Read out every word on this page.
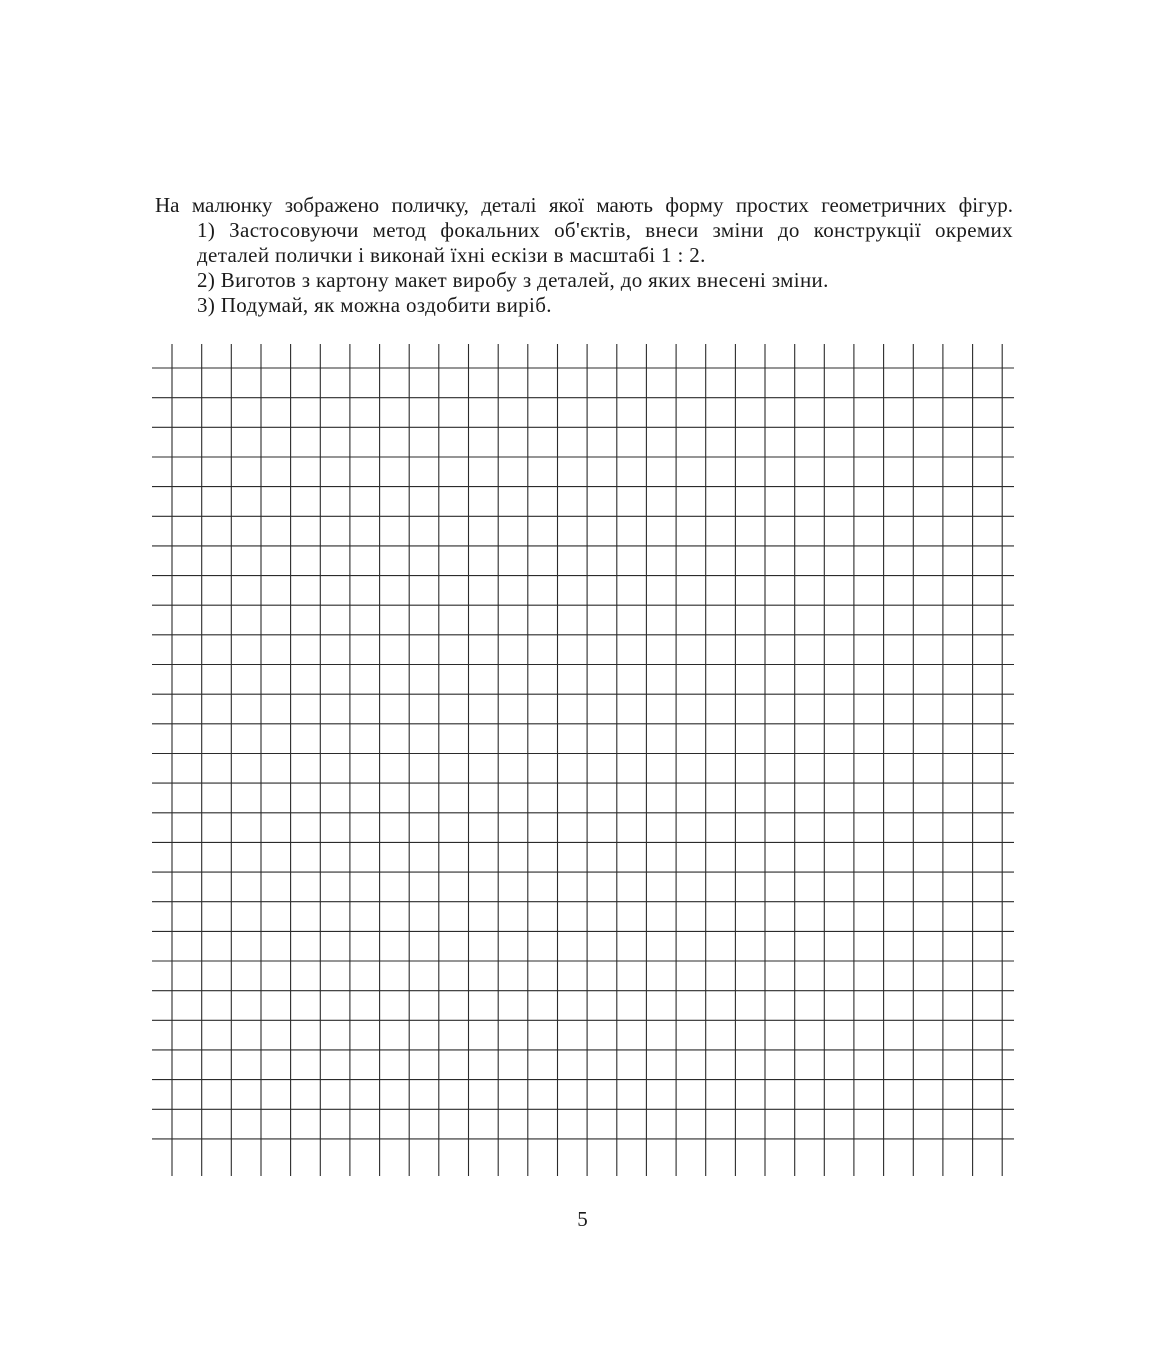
На малюнку зображено поличку, деталі якої мають форму простих геометричних фігур.

1) Застосовуючи метод фокальних об'єктів, внеси зміни до конструкції окремих деталей полички і виконай їхні ескізи в масштабі 1 : 2.

2) Виготов з картону макет виробу з деталей, до яких внесені зміни.

3) Подумай, як можна оздобити виріб.

5
